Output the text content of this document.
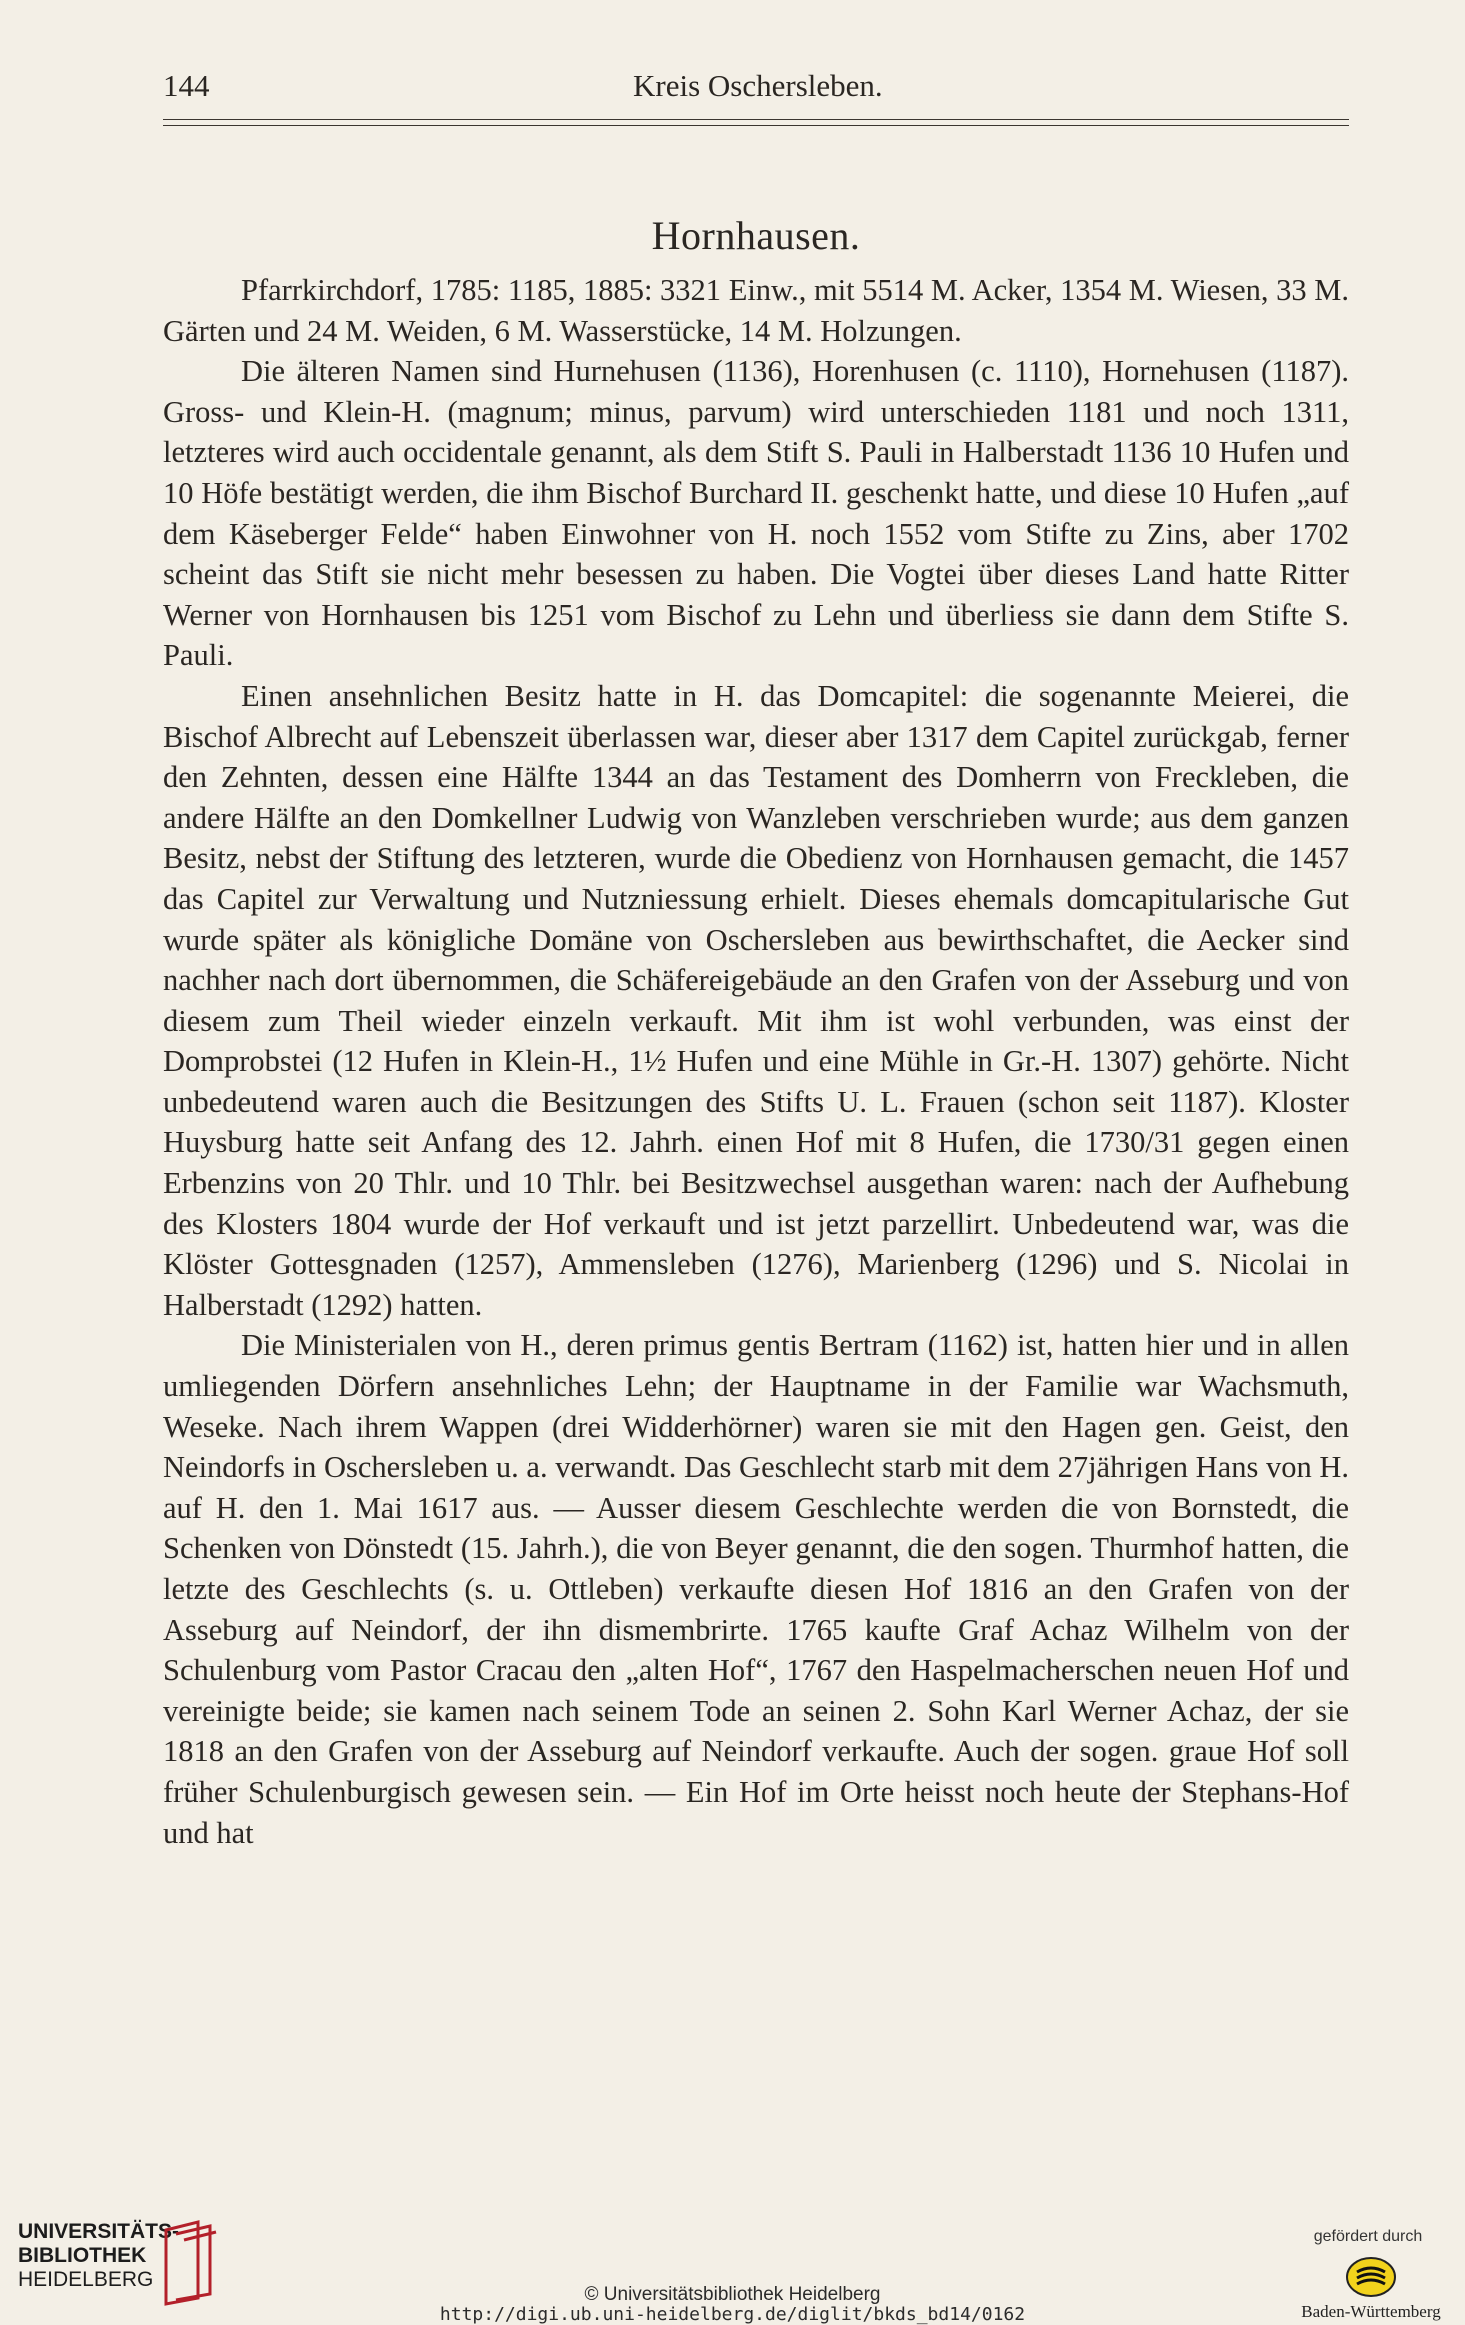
144	Kreis Oschersleben.
Hornhausen.

Pfarrkirchdorf, 1785: 1185, 1885: 3321 Einw., mit 5514 M. Acker, 1354 M. Wiesen, 33 M. Gärten und 24 M. Weiden, 6 M. Wasserstücke, 14 M. Holzungen.

Die älteren Namen sind Hurnehusen (1136), Horenhusen (c. 1110), Hornehusen (1187). Gross- und Klein-H. (magnum; minus, parvum) wird unterschieden 1181 und noch 1311, letzteres wird auch occidentale genannt, als dem Stift S. Pauli in Halberstadt 1136 10 Hufen und 10 Höfe bestätigt werden, die ihm Bischof Burchard II. geschenkt hatte, und diese 10 Hufen „auf dem Käseberger Felde“ haben Einwohner von H. noch 1552 vom Stifte zu Zins, aber 1702 scheint das Stift sie nicht mehr besessen zu haben. Die Vogtei über dieses Land hatte Ritter Werner von Hornhausen bis 1251 vom Bischof zu Lehn und überliess sie dann dem Stifte S. Pauli.

Einen ansehnlichen Besitz hatte in H. das Domcapitel: die sogenannte Meierei, die Bischof Albrecht auf Lebenszeit überlassen war, dieser aber 1317 dem Capitel zurückgab, ferner den Zehnten, dessen eine Hälfte 1344 an das Testament des Domherrn von Freckleben, die andere Hälfte an den Domkellner Ludwig von Wanzleben verschrieben wurde; aus dem ganzen Besitz, nebst der Stiftung des letzteren, wurde die Obedienz von Hornhausen gemacht, die 1457 das Capitel zur Verwaltung und Nutzniessung erhielt. Dieses ehemals domcapitularische Gut wurde später als königliche Domäne von Oschersleben aus bewirthschaftet, die Aecker sind nachher nach dort übernommen, die Schäfereigebäude an den Grafen von der Asseburg und von diesem zum Theil wieder einzeln verkauft. Mit ihm ist wohl verbunden, was einst der Domprobstei (12 Hufen in Klein-H., 1½ Hufen und eine Mühle in Gr.-H. 1307) gehörte. Nicht unbedeutend waren auch die Besitzungen des Stifts U. L. Frauen (schon seit 1187). Kloster Huysburg hatte seit Anfang des 12. Jahrh. einen Hof mit 8 Hufen, die 1730/31 gegen einen Erbenzins von 20 Thlr. und 10 Thlr. bei Besitzwechsel ausgethan waren: nach der Aufhebung des Klosters 1804 wurde der Hof verkauft und ist jetzt parzellirt. Unbedeutend war, was die Klöster Gottesgnaden (1257), Ammensleben (1276), Marienberg (1296) und S. Nicolai in Halberstadt (1292) hatten.

Die Ministerialen von H., deren primus gentis Bertram (1162) ist, hatten hier und in allen umliegenden Dörfern ansehnliches Lehn; der Hauptname in der Familie war Wachsmuth, Weseke. Nach ihrem Wappen (drei Widderhörner) waren sie mit den Hagen gen. Geist, den Neindorfs in Oschersleben u. a. verwandt. Das Geschlecht starb mit dem 27jährigen Hans von H. auf H. den 1. Mai 1617 aus. — Ausser diesem Geschlechte werden die von Bornstedt, die Schenken von Dönstedt (15. Jahrh.), die von Beyer genannt, die den sogen. Thurmhof hatten, die letzte des Geschlechts (s. u. Ottleben) verkaufte diesen Hof 1816 an den Grafen von der Asseburg auf Neindorf, der ihn dismembrirte. 1765 kaufte Graf Achaz Wilhelm von der Schulenburg vom Pastor Cracau den „alten Hof“, 1767 den Haspelmacherschen neuen Hof und vereinigte beide; sie kamen nach seinem Tode an seinen 2. Sohn Karl Werner Achaz, der sie 1818 an den Grafen von der Asseburg auf Neindorf verkaufte. Auch der sogen. graue Hof soll früher Schulenburgisch gewesen sein. — Ein Hof im Orte heisst noch heute der Stephans-Hof und hat

UNIVERSITÄTS-
BIBLIOTHEK
HEIDELBERG
© Universitätsbibliothek Heidelberg
http://digi.ub.uni-heidelberg.de/diglit/bkds_bd14/0162
gefördert durch
Baden-Württemberg
